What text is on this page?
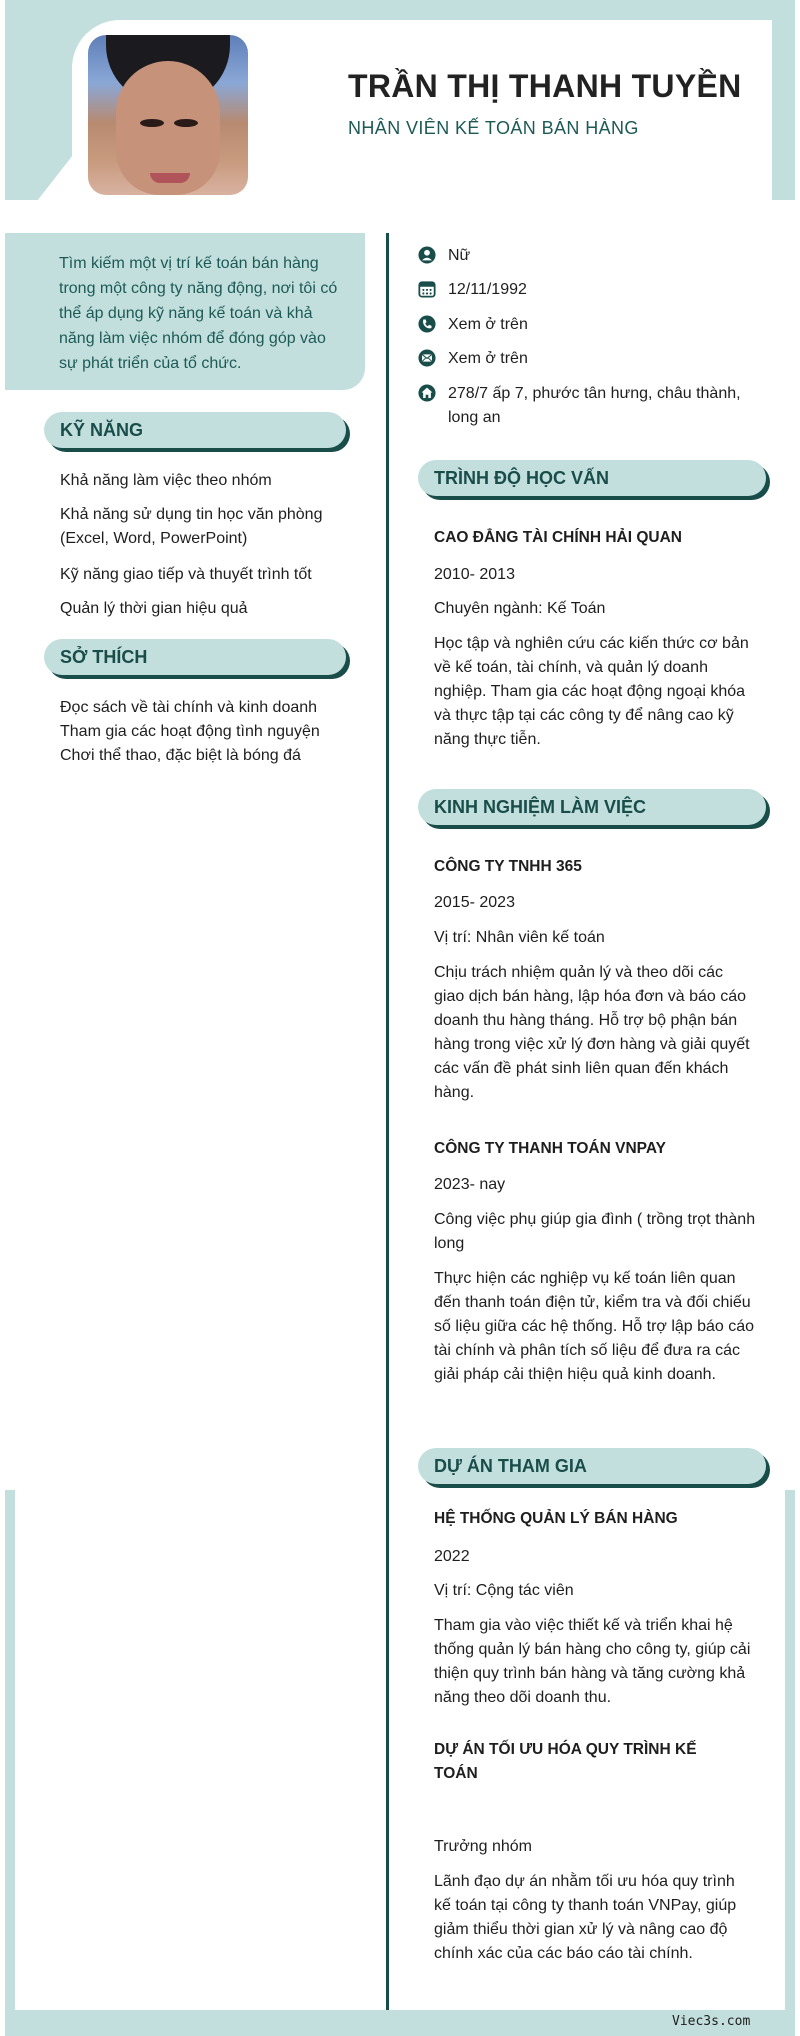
TRẦN THỊ THANH TUYỀN
NHÂN VIÊN KẾ TOÁN BÁN HÀNG
Tìm kiếm một vị trí kế toán bán hàng trong một công ty năng động, nơi tôi có thể áp dụng kỹ năng kế toán và khả năng làm việc nhóm để đóng góp vào sự phát triển của tổ chức.
KỸ NĂNG
Khả năng làm việc theo nhóm
Khả năng sử dụng tin học văn phòng (Excel, Word, PowerPoint)
Kỹ năng giao tiếp và thuyết trình tốt
Quản lý thời gian hiệu quả
SỞ THÍCH
Đọc sách về tài chính và kinh doanh
Tham gia các hoạt động tình nguyện
Chơi thể thao, đặc biệt là bóng đá
Nữ
12/11/1992
Xem ở trên
Xem ở trên
278/7 ấp 7, phước tân hưng, châu thành, long an
TRÌNH ĐỘ HỌC VẤN
CAO ĐẲNG TÀI CHÍNH HẢI QUAN
2010- 2013
Chuyên ngành: Kế Toán
Học tập và nghiên cứu các kiến thức cơ bản về kế toán, tài chính, và quản lý doanh nghiệp. Tham gia các hoạt động ngoại khóa và thực tập tại các công ty để nâng cao kỹ năng thực tiễn.
KINH NGHIỆM LÀM VIỆC
CÔNG TY TNHH 365
2015- 2023
Vị trí: Nhân viên kế toán
Chịu trách nhiệm quản lý và theo dõi các giao dịch bán hàng, lập hóa đơn và báo cáo doanh thu hàng tháng. Hỗ trợ bộ phận bán hàng trong việc xử lý đơn hàng và giải quyết các vấn đề phát sinh liên quan đến khách hàng.
CÔNG TY THANH TOÁN VNPAY
2023- nay
Công việc phụ giúp gia đình ( trồng trọt thành long
Thực hiện các nghiệp vụ kế toán liên quan đến thanh toán điện tử, kiểm tra và đối chiếu số liệu giữa các hệ thống. Hỗ trợ lập báo cáo tài chính và phân tích số liệu để đưa ra các giải pháp cải thiện hiệu quả kinh doanh.
DỰ ÁN THAM GIA
HỆ THỐNG QUẢN LÝ BÁN HÀNG
2022
Vị trí: Cộng tác viên
Tham gia vào việc thiết kế và triển khai hệ thống quản lý bán hàng cho công ty, giúp cải thiện quy trình bán hàng và tăng cường khả năng theo dõi doanh thu.
DỰ ÁN TỐI ƯU HÓA QUY TRÌNH KẾ TOÁN
Trưởng nhóm
Lãnh đạo dự án nhằm tối ưu hóa quy trình kế toán tại công ty thanh toán VNPay, giúp giảm thiểu thời gian xử lý và nâng cao độ chính xác của các báo cáo tài chính.
Viec3s.com
